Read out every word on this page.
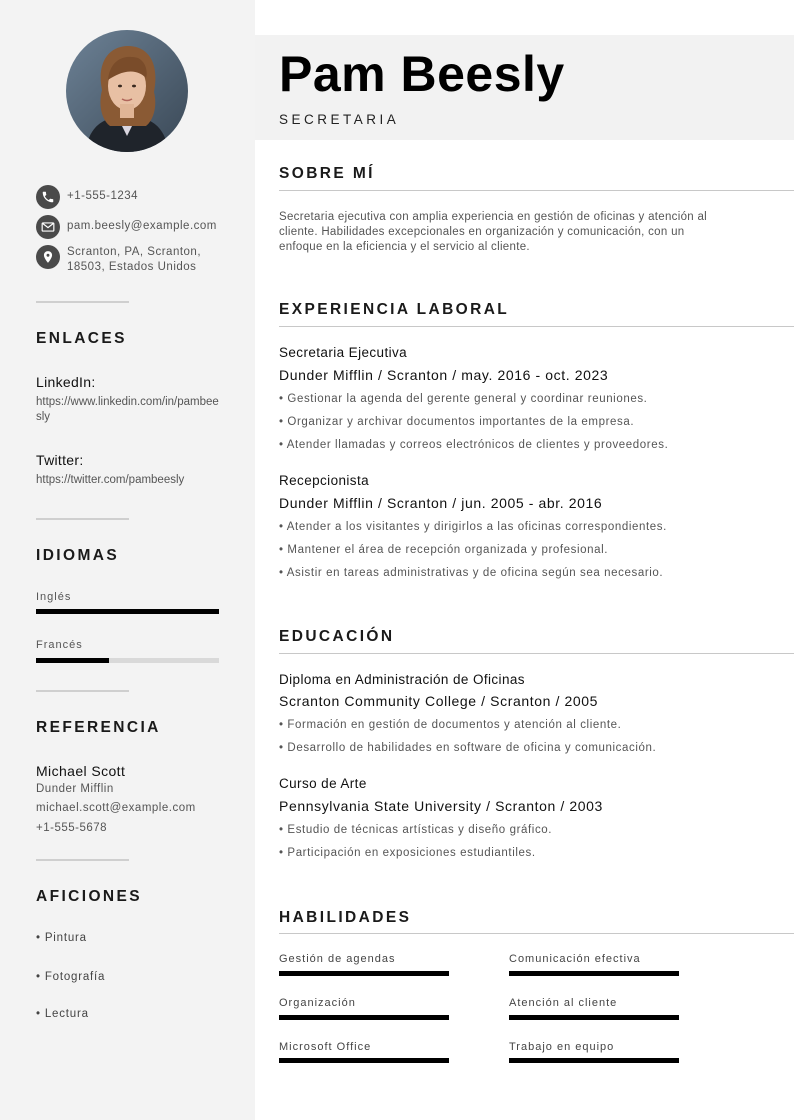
+1-555-1234
pam.beesly@example.com
Scranton, PA, Scranton,
18503, Estados Unidos
ENLACES
LinkedIn:
https://www.linkedin.com/in/pambeesly
Twitter:
https://twitter.com/pambeesly
IDIOMAS
Inglés
Francés
REFERENCIA
Michael Scott
Dunder Mifflin
michael.scott@example.com
+1-555-5678
AFICIONES
• Pintura
• Fotografía
• Lectura
Pam Beesly
SECRETARIA
SOBRE MÍ
Secretaria ejecutiva con amplia experiencia en gestión de oficinas y atención al
cliente. Habilidades excepcionales en organización y comunicación, con un
enfoque en la eficiencia y el servicio al cliente.
EXPERIENCIA LABORAL
Secretaria Ejecutiva
Dunder Mifflin / Scranton / may. 2016 - oct. 2023
• Gestionar la agenda del gerente general y coordinar reuniones.
• Organizar y archivar documentos importantes de la empresa.
• Atender llamadas y correos electrónicos de clientes y proveedores.
Recepcionista
Dunder Mifflin / Scranton / jun. 2005 - abr. 2016
• Atender a los visitantes y dirigirlos a las oficinas correspondientes.
• Mantener el área de recepción organizada y profesional.
• Asistir en tareas administrativas y de oficina según sea necesario.
EDUCACIÓN
Diploma en Administración de Oficinas
Scranton Community College / Scranton / 2005
• Formación en gestión de documentos y atención al cliente.
• Desarrollo de habilidades en software de oficina y comunicación.
Curso de Arte
Pennsylvania State University / Scranton / 2003
• Estudio de técnicas artísticas y diseño gráfico.
• Participación en exposiciones estudiantiles.
HABILIDADES
Gestión de agendas	Comunicación efectiva
Organización	Atención al cliente
Microsoft Office	Trabajo en equipo
